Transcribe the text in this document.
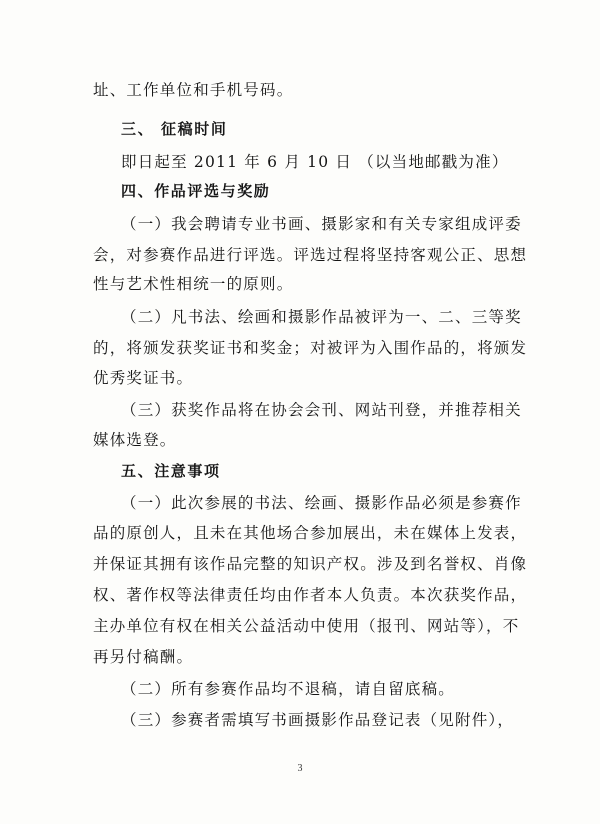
址、工作单位和手机号码。
三、 征稿时间
即日起至 2011 年 6 月 10 日 （以当地邮戳为准）
四、作品评选与奖励
（一）我会聘请专业书画、摄影家和有关专家组成评委
会，对参赛作品进行评选。评选过程将坚持客观公正、思想
性与艺术性相统一的原则。
（二）凡书法、绘画和摄影作品被评为一、二、三等奖
的，将颁发获奖证书和奖金；对被评为入围作品的，将颁发
优秀奖证书。
（三）获奖作品将在协会会刊、网站刊登，并推荐相关
媒体选登。
五、注意事项
（一）此次参展的书法、绘画、摄影作品必须是参赛作
品的原创人，且未在其他场合参加展出，未在媒体上发表，
并保证其拥有该作品完整的知识产权。涉及到名誉权、肖像
权、著作权等法律责任均由作者本人负责。本次获奖作品，
主办单位有权在相关公益活动中使用（报刊、网站等），不
再另付稿酬。
（二）所有参赛作品均不退稿，请自留底稿。
（三）参赛者需填写书画摄影作品登记表（见附件），
3
